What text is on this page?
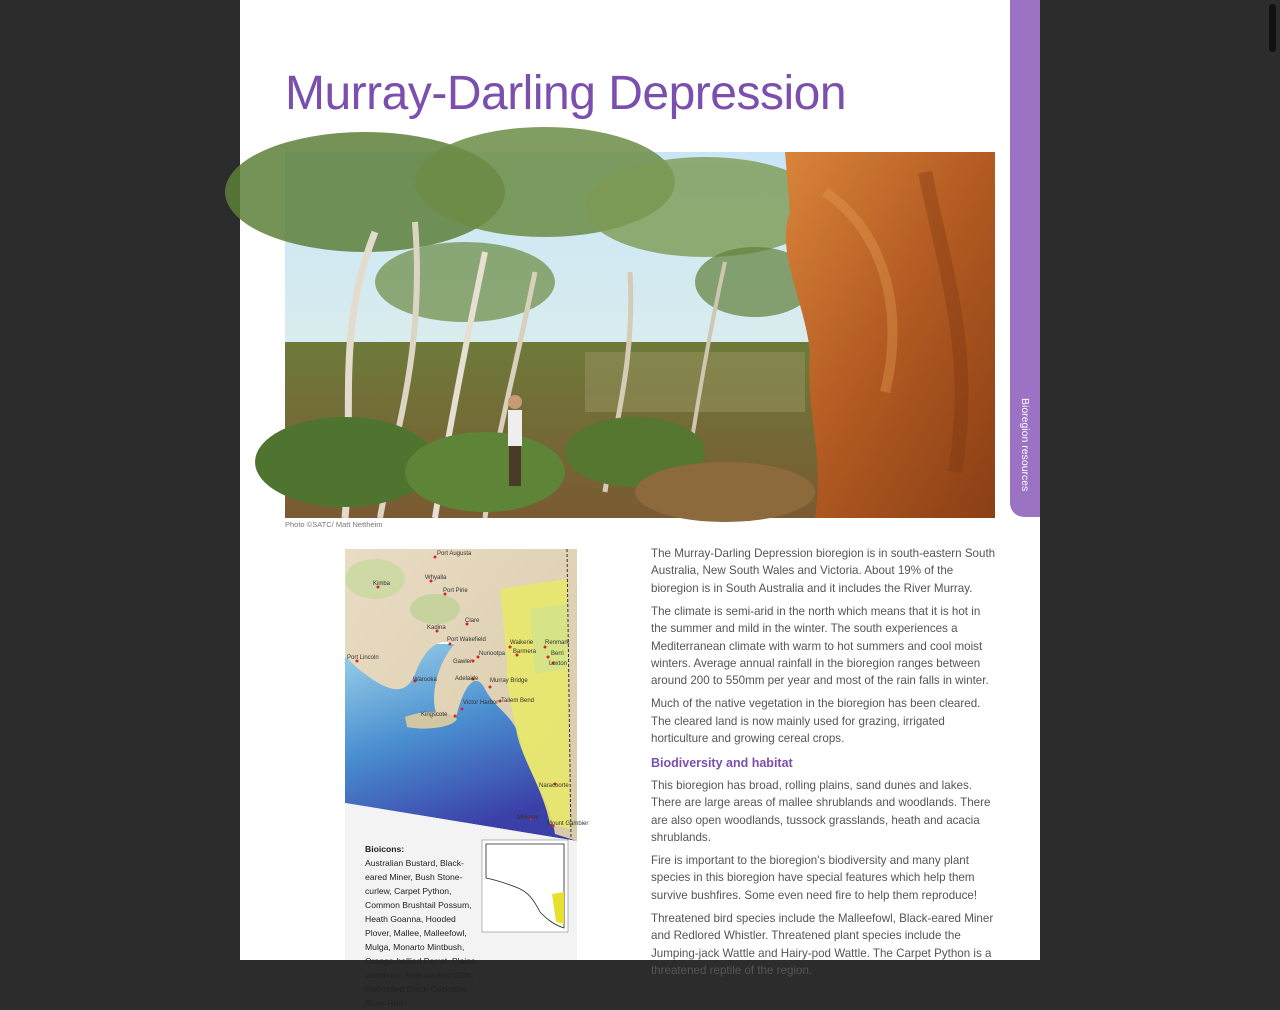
Bioregion resources
Murray-Darling Depression
Photo ©SATC/ Matt Nettheim
Port Augusta
Whyalla
Kimba
Port Pirie
Clare
Kadina
Port Wakefield	Waikerie Renmark
Barmera Berri
Nuriootpa
Loxton
Port Lincoln
Gawler
Adelaide Murray Bridge
Warooka
Victor Harbor Tailem Bend
Kingscote
Naracoorte
Millicent
Mount Gambier
Bioicons:
Australian Bustard, Black-eared Miner, Bush Stone-curlew, Carpet Python, Common Brushtail Possum, Heath Goanna, Hooded Plover, Mallee, Malleefowl, Mulga, Monarto Mintbush, Orange-bellied Parrot, Plains-wanderer, Red-necked Stint, Red-tailed Black-Cockatoo, River Red

The Murray-Darling Depression bioregion is in south-eastern South Australia, New South Wales and Victoria. About 19% of the bioregion is in South Australia and it includes the River Murray.

The climate is semi-arid in the north which means that it is hot in the summer and mild in the winter. The south experiences a Mediterranean climate with warm to hot summers and cool moist winters. Average annual rainfall in the bioregion ranges between around 200 to 550mm per year and most of the rain falls in winter.

Much of the native vegetation in the bioregion has been cleared. The cleared land is now mainly used for grazing, irrigated horticulture and growing cereal crops.

Biodiversity and habitat

This bioregion has broad, rolling plains, sand dunes and lakes. There are large areas of mallee shrublands and woodlands. There are also open woodlands, tussock grasslands, heath and acacia shrublands.

Fire is important to the bioregion's biodiversity and many plant species in this bioregion have special features which help them survive bushfires. Some even need fire to help them reproduce!

Threatened bird species include the Malleefowl, Black-eared Miner and Redlored Whistler. Threatened plant species include the Jumping-jack Wattle and Hairy-pod Wattle. The Carpet Python is a threatened reptile of the region.
